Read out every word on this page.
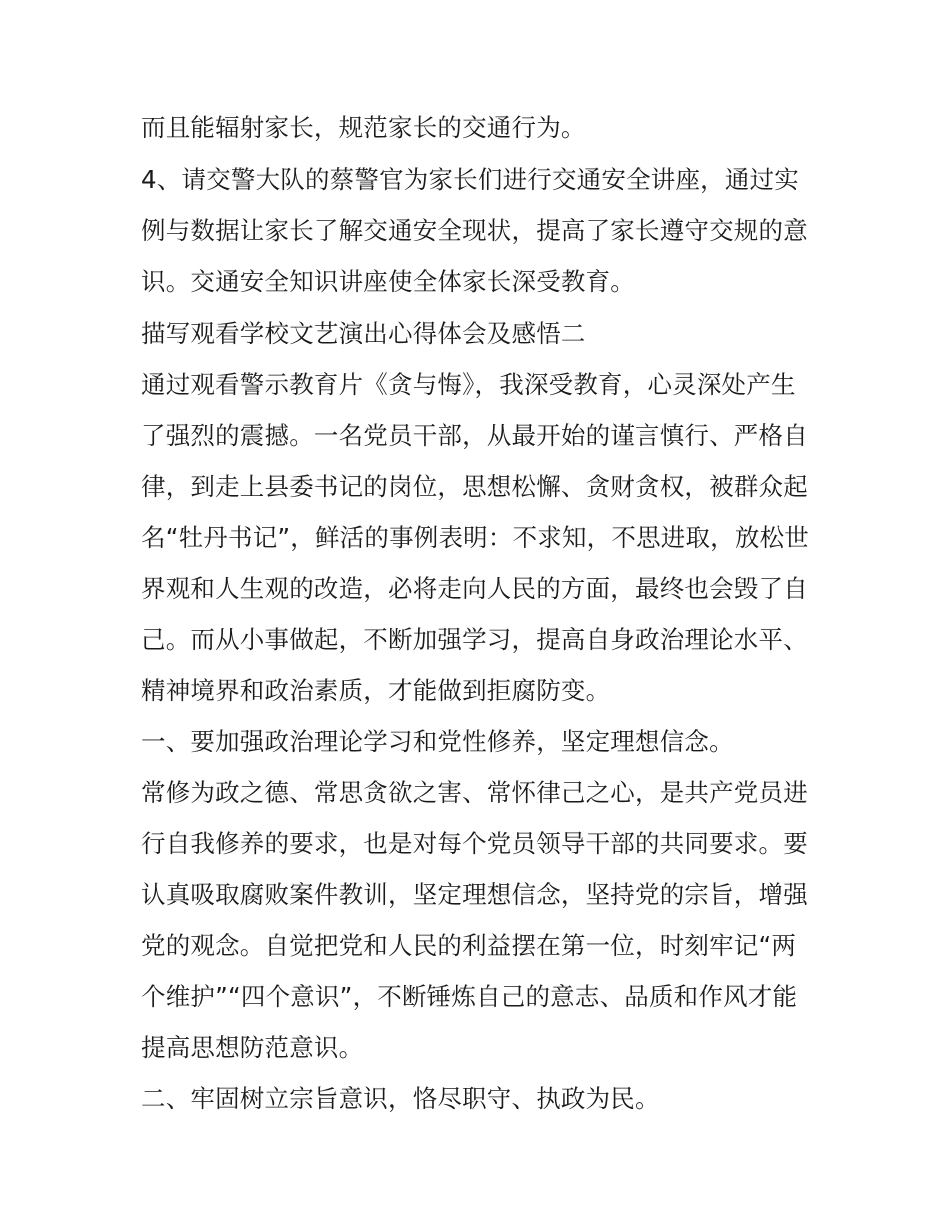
而且能辐射家长，规范家长的交通行为。
4、请交警大队的蔡警官为家长们进行交通安全讲座，通过实
例与数据让家长了解交通安全现状，提高了家长遵守交规的意
识。交通安全知识讲座使全体家长深受教育。
描写观看学校文艺演出心得体会及感悟二
通过观看警示教育片《贪与悔》，我深受教育，心灵深处产生
了强烈的震撼。一名党员干部，从最开始的谨言慎行、严格自
律，到走上县委书记的岗位，思想松懈、贪财贪权，被群众起
名“牡丹书记”，鲜活的事例表明：不求知，不思进取，放松世
界观和人生观的改造，必将走向人民的方面，最终也会毁了自
己。而从小事做起，不断加强学习，提高自身政治理论水平、
精神境界和政治素质，才能做到拒腐防变。
一、要加强政治理论学习和党性修养，坚定理想信念。
常修为政之德、常思贪欲之害、常怀律己之心，是共产党员进
行自我修养的要求，也是对每个党员领导干部的共同要求。要
认真吸取腐败案件教训，坚定理想信念，坚持党的宗旨，增强
党的观念。自觉把党和人民的利益摆在第一位，时刻牢记“两
个维护”“四个意识”，不断锤炼自己的意志、品质和作风才能
提高思想防范意识。
二、牢固树立宗旨意识，恪尽职守、执政为民。
